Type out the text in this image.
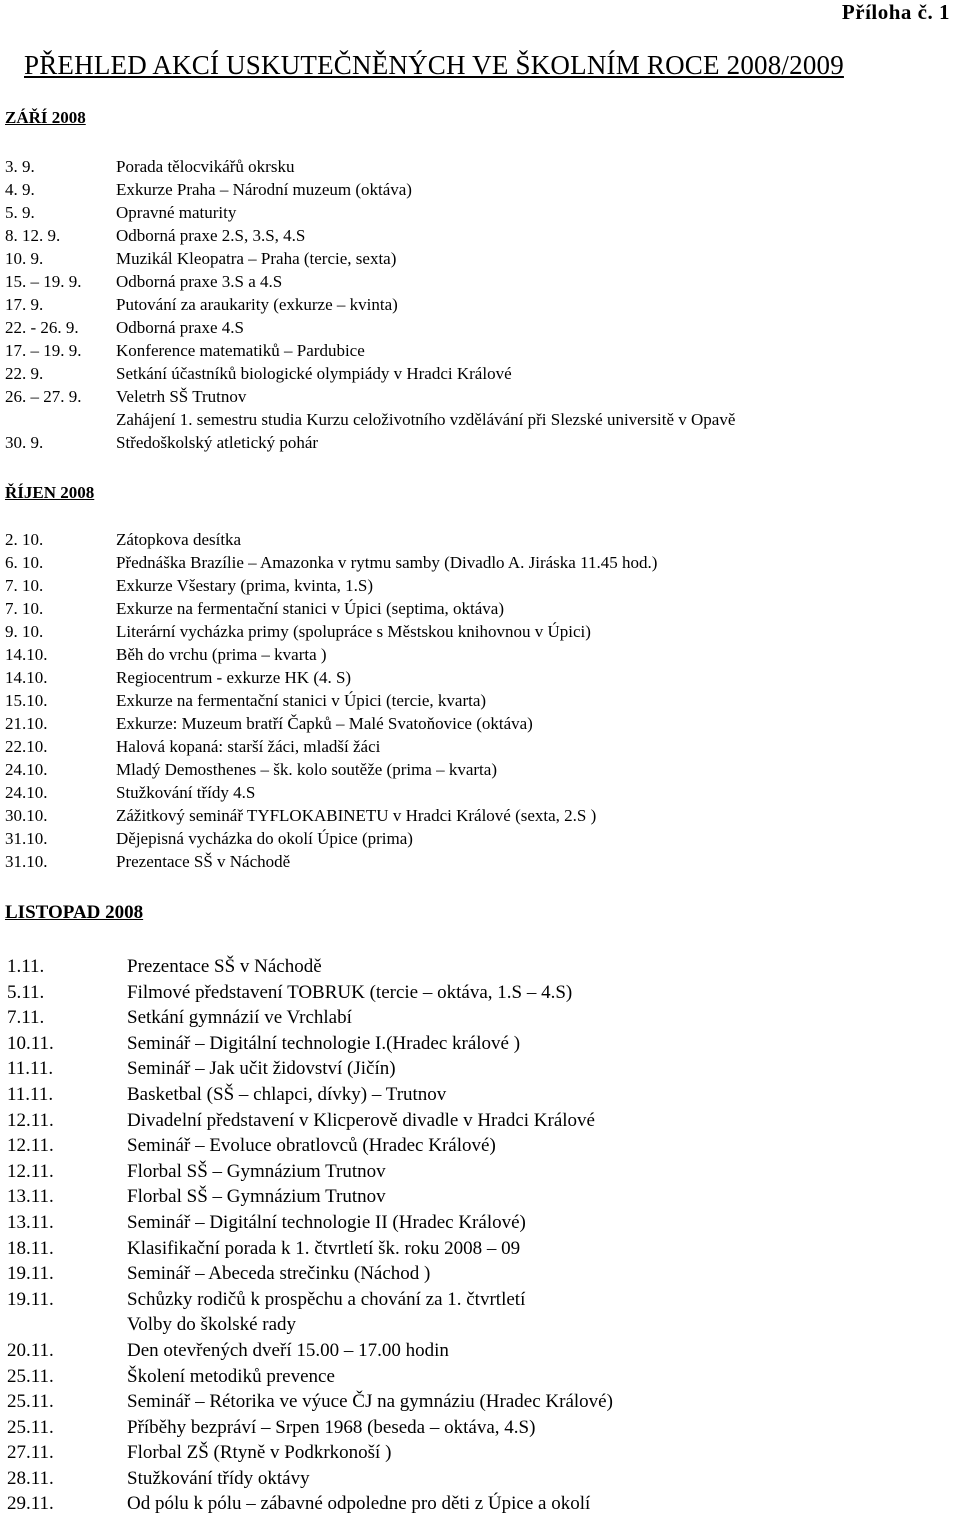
Příloha č. 1
PŘEHLED AKCÍ USKUTEČNĚNÝCH VE ŠKOLNÍM ROCE 2008/2009
ZÁŘÍ 2008
3. 9.	Porada tělocvikářů okrsku
4. 9.	Exkurze Praha – Národní muzeum (oktáva)
5. 9.	Opravné maturity
8. 12. 9.	Odborná praxe 2.S, 3.S, 4.S
10. 9.	Muzikál Kleopatra – Praha (tercie, sexta)
15. – 19. 9. Odborná praxe 3.S a 4.S
17. 9.	Putování za araukarity (exkurze – kvinta)
22. - 26. 9. Odborná praxe 4.S
17. – 19. 9. Konference matematiků – Pardubice
22. 9.	Setkání účastníků biologické olympiády v Hradci Králové
26. – 27. 9. Veletrh SŠ Trutnov
Zahájení 1. semestru studia Kurzu celoživotního vzdělávání při Slezské universitě v Opavě
30. 9.	Středoškolský atletický pohár
ŘÍJEN 2008
2. 10.	Zátopkova desítka
6. 10.	Přednáška Brazílie – Amazonka v rytmu samby (Divadlo A. Jiráska 11.45 hod.)
7. 10.	Exkurze Všestary (prima, kvinta, 1.S)
7. 10.	Exkurze na fermentační stanici v Úpici (septima, oktáva)
9. 10.	Literární vycházka primy (spolupráce s Městskou knihovnou v Úpici)
14.10.	Běh do vrchu (prima – kvarta )
14.10.	Regiocentrum - exkurze HK (4. S)
15.10.	Exkurze na fermentační stanici v Úpici (tercie, kvarta)
21.10.	Exkurze: Muzeum bratří Čapků – Malé Svatoňovice (oktáva)
22.10.	Halová kopaná: starší žáci, mladší žáci
24.10.	Mladý Demosthenes – šk. kolo soutěže (prima – kvarta)
24.10.	Stužkování třídy 4.S
30.10.	Zážitkový seminář TYFLOKABINETU v Hradci Králové (sexta, 2.S )
31.10.	Dějepisná vycházka do okolí Úpice (prima)
31.10.	Prezentace SŠ v Náchodě
LISTOPAD 2008
1.11.	Prezentace SŠ v Náchodě
5.11.	Filmové představení TOBRUK (tercie – oktáva, 1.S – 4.S)
7.11.	Setkání gymnázií ve Vrchlabí
10.11.	Seminář – Digitální technologie I.(Hradec králové )
11.11.	Seminář – Jak učit židovství (Jičín)
11.11.	Basketbal (SŠ – chlapci, dívky) – Trutnov
12.11.	Divadelní představení v Klicperově divadle v Hradci Králové
12.11.	Seminář – Evoluce obratlovců (Hradec Králové)
12.11.	Florbal SŠ – Gymnázium Trutnov
13.11.	Florbal SŠ – Gymnázium Trutnov
13.11.	Seminář – Digitální technologie II (Hradec Králové)
18.11.	Klasifikační porada k 1. čtvrtletí šk. roku 2008 – 09
19.11.	Seminář – Abeceda strečinku (Náchod )
19.11.	Schůzky rodičů k prospěchu a chování za 1. čtvrtletí
Volby do školské rady
20.11.	Den otevřených dveří 15.00 – 17.00 hodin
25.11.	Školení metodiků prevence
25.11.	Seminář – Rétorika ve výuce ČJ na gymnáziu (Hradec Králové)
25.11.	Příběhy bezpráví – Srpen 1968 (beseda – oktáva, 4.S)
27.11.	Florbal ZŠ (Rtyně v Podkrkonoší )
28.11.	Stužkování třídy oktávy
29.11.	Od pólu k pólu – zábavné odpoledne pro děti z Úpice a okolí
